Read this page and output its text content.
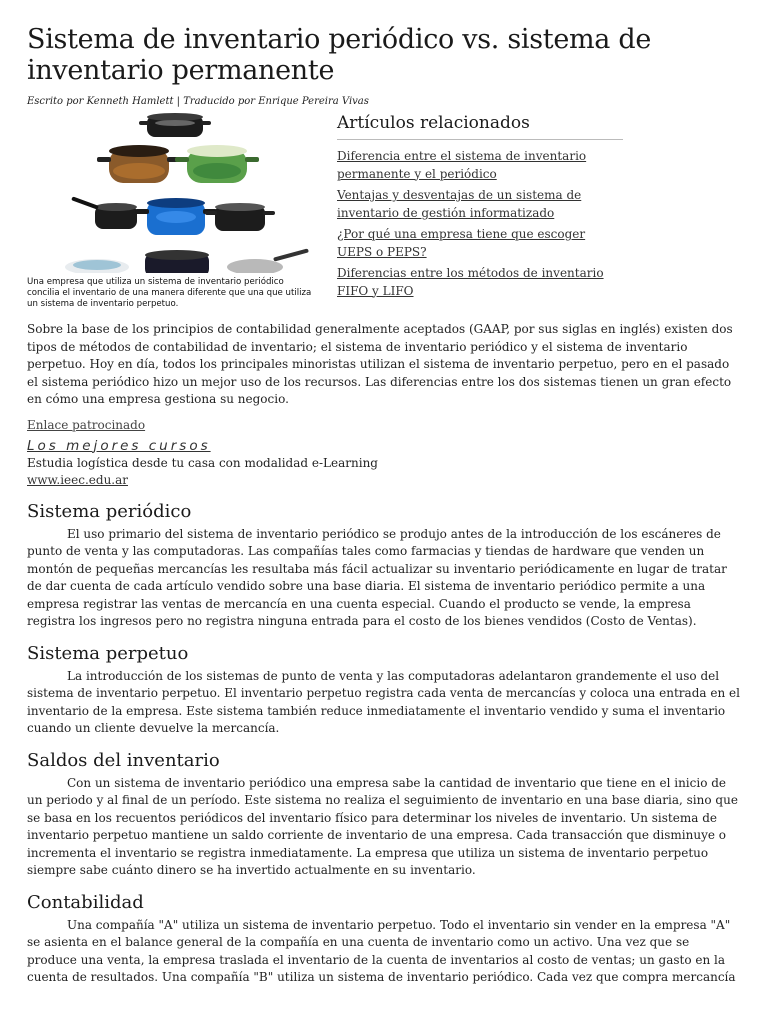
Sistema de inventario periódico vs. sistema de inventario permanente
Escrito por Kenneth Hamlett | Traducido por Enrique Pereira Vivas
Una empresa que utiliza un sistema de inventario periódico concilia el inventario de una manera diferente que una que utiliza un sistema de inventario perpetuo.
Artículos relacionados
Diferencia entre el sistema de inventario permanente y el periódico
Ventajas y desventajas de un sistema de inventario de gestión informatizado
¿Por qué una empresa tiene que escoger UEPS o PEPS?
Diferencias entre los métodos de inventario FIFO y LIFO

Sobre la base de los principios de contabilidad generalmente aceptados (GAAP, por sus siglas en inglés) existen dos tipos de métodos de contabilidad de inventario; el sistema de inventario periódico y el sistema de inventario perpetuo. Hoy en día, todos los principales minoristas utilizan el sistema de inventario perpetuo, pero en el pasado el sistema periódico hizo un mejor uso de los recursos. Las diferencias entre los dos sistemas tienen un gran efecto en cómo una empresa gestiona su negocio.

Enlace patrocinado
Los mejores cursos
Estudia logística desde tu casa con modalidad e-Learning
www.ieec.edu.ar
Sistema periódico

El uso primario del sistema de inventario periódico se produjo antes de la introducción de los escáneres de punto de venta y las computadoras. Las compañías tales como farmacias y tiendas de hardware que venden un montón de pequeñas mercancías les resultaba más fácil actualizar su inventario periódicamente en lugar de tratar de dar cuenta de cada artículo vendido sobre una base diaria. El sistema de inventario periódico permite a una empresa registrar las ventas de mercancía en una cuenta especial. Cuando el producto se vende, la empresa registra los ingresos pero no registra ninguna entrada para el costo de los bienes vendidos (Costo de Ventas).

Sistema perpetuo

La introducción de los sistemas de punto de venta y las computadoras adelantaron grandemente el uso del sistema de inventario perpetuo. El inventario perpetuo registra cada venta de mercancías y coloca una entrada en el inventario de la empresa. Este sistema también reduce inmediatamente el inventario vendido y suma el inventario cuando un cliente devuelve la mercancía.

Saldos del inventario

Con un sistema de inventario periódico una empresa sabe la cantidad de inventario que tiene en el inicio de un periodo y al final de un período. Este sistema no realiza el seguimiento de inventario en una base diaria, sino que se basa en los recuentos periódicos del inventario físico para determinar los niveles de inventario. Un sistema de inventario perpetuo mantiene un saldo corriente de inventario de una empresa. Cada transacción que disminuye o incrementa el inventario se registra inmediatamente. La empresa que utiliza un sistema de inventario perpetuo siempre sabe cuánto dinero se ha invertido actualmente en su inventario.

Contabilidad

Una compañía "A" utiliza un sistema de inventario perpetuo. Todo el inventario sin vender en la empresa "A" se asienta en el balance general de la compañía en una cuenta de inventario como un activo. Una vez que se produce una venta, la empresa traslada el inventario de la cuenta de inventarios al costo de ventas; un gasto en la cuenta de resultados. Una compañía "B" utiliza un sistema de inventario periódico. Cada vez que compra mercancía
